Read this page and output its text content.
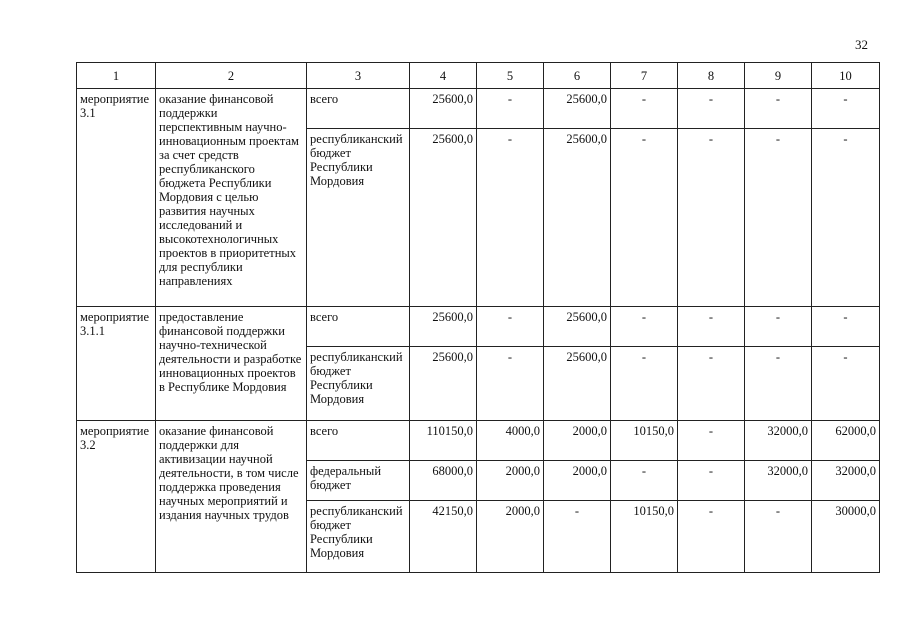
32
1	2	3	4	5	6	7	8	9	10
мероприятие 3.1	оказание финансовой поддержки перспективным научно-инновационным проектам за счет средств республиканского бюджета Республики Мордовия с целью развития научных исследований и высокотехнологичных проектов в приоритетных для республики направлениях	всего	25600,0	-	25600,0	-	-	-	-
		республиканский бюджет Республики Мордовия	25600,0	-	25600,0	-	-	-	-
мероприятие 3.1.1	предоставление финансовой поддержки научно-технической деятельности и разработке инновационных проектов в Республике Мордовия	всего	25600,0	-	25600,0	-	-	-	-
		республиканский бюджет Республики Мордовия	25600,0	-	25600,0	-	-	-	-
мероприятие 3.2	оказание финансовой поддержки для активизации научной деятельности, в том числе поддержка проведения научных мероприятий и издания научных трудов	всего	110150,0	4000,0	2000,0	10150,0	-	32000,0	62000,0
		федеральный бюджет	68000,0	2000,0	2000,0	-	-	32000,0	32000,0
		республиканский бюджет Республики Мордовия	42150,0	2000,0	-	10150,0	-	-	30000,0
